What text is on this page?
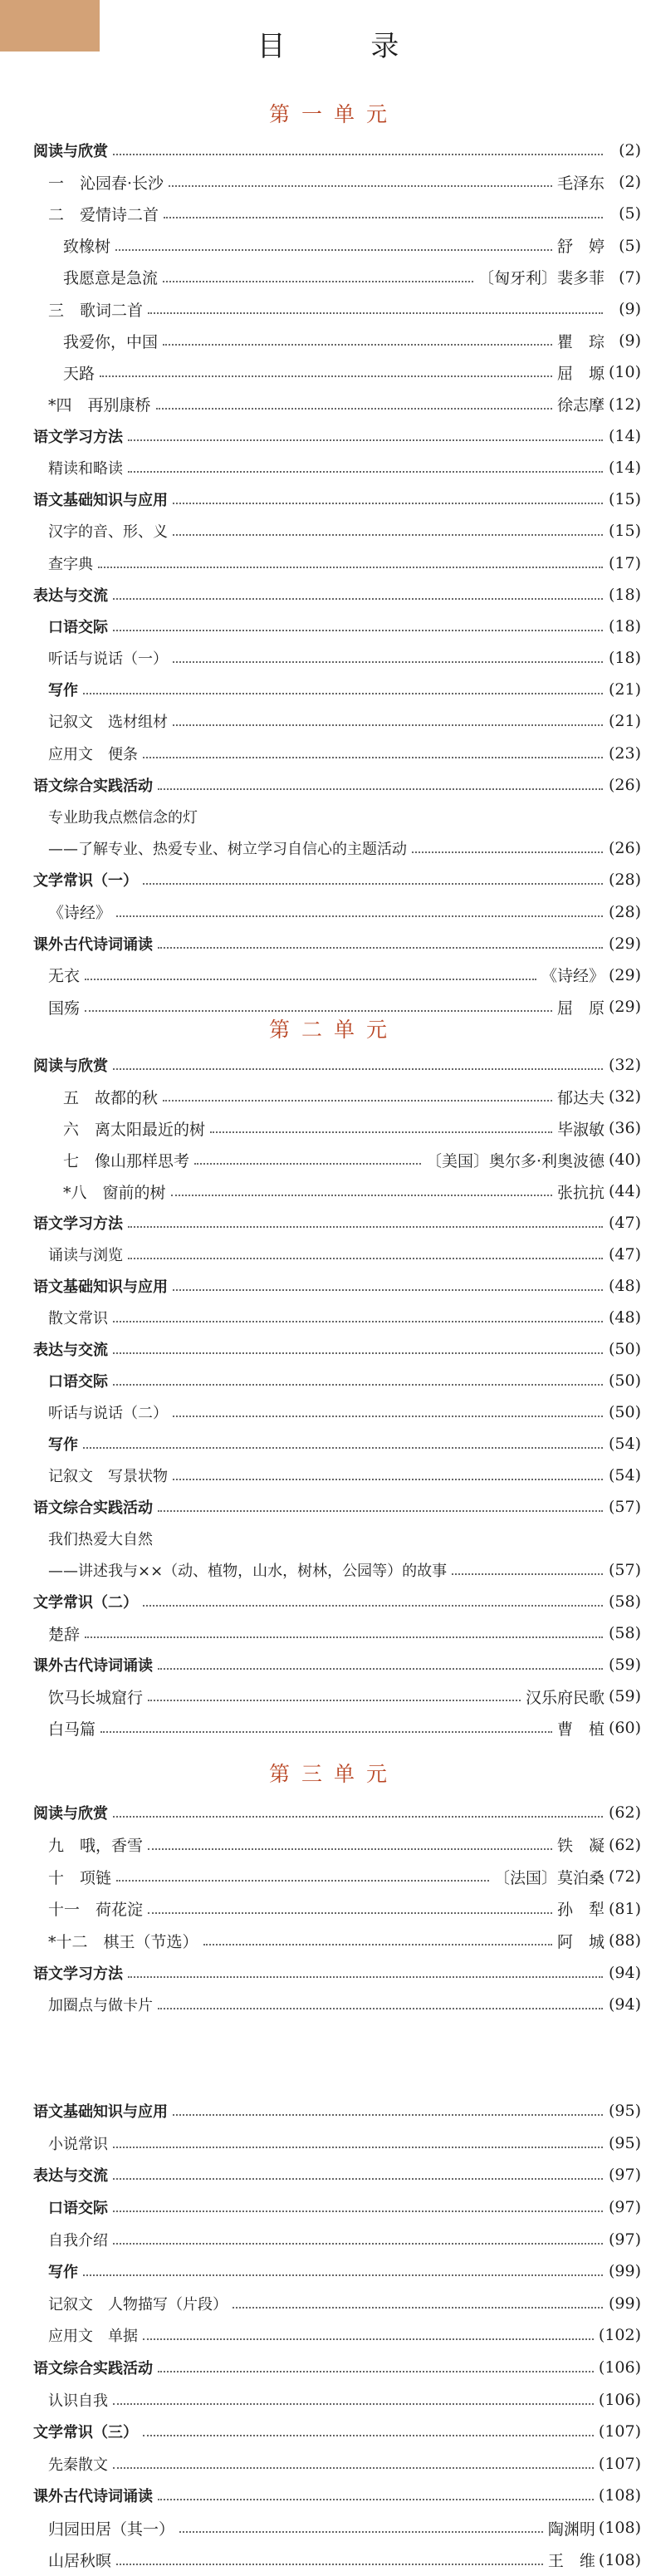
目 录
阅读与欣赏	(2)
一　沁园春·长沙	毛泽东 (2)
二　爱情诗二首	(5)
致橡树	舒　婷 (5)
我愿意是急流	〔匈牙利〕裴多菲 (7)
三　歌词二首	(9)
我爱你，中国	瞿　琮 (9)
天路	屈　塬 (10)
*四　再别康桥	徐志摩 (12)
语文学习方法	(14)
精读和略读	(14)
语文基础知识与应用	(15)
汉字的音、形、义	(15)
查字典	(17)
表达与交流	(18)
口语交际	(18)
听话与说话（一）	(18)
写作	(21)
记叙文　选材组材	(21)
应用文　便条	(23)
语文综合实践活动	(26)
专业助我点燃信念的灯
——了解专业、热爱专业、树立学习自信心的主题活动	(26)
文学常识（一）	(28)
《诗经》	(28)
课外古代诗词诵读	(29)
无衣	《诗经》 (29)
国殇	屈　原 (29)
阅读与欣赏	(32)
五　故都的秋	郁达夫 (32)
六　离太阳最近的树	毕淑敏 (36)
七　像山那样思考	〔美国〕奥尔多·利奥波德 (40)
*八　窗前的树	张抗抗 (44)
语文学习方法	(47)
诵读与浏览	(47)
语文基础知识与应用	(48)
散文常识	(48)
表达与交流	(50)
口语交际	(50)
听话与说话（二）	(50)
写作	(54)
记叙文　写景状物	(54)
语文综合实践活动	(57)
我们热爱大自然
——讲述我与××（动、植物，山水，树林，公园等）的故事	(57)
文学常识（二）	(58)
楚辞	(58)
课外古代诗词诵读	(59)
饮马长城窟行	汉乐府民歌 (59)
白马篇	曹　植 (60)
阅读与欣赏	(62)
九　哦，香雪	铁　凝 (62)
十　项链	〔法国〕莫泊桑 (72)
十一　荷花淀	孙　犁 (81)
*十二　棋王（节选）	阿　城 (88)
语文学习方法	(94)
加圈点与做卡片	(94)
语文基础知识与应用	(95)
小说常识	(95)
表达与交流	(97)
口语交际	(97)
自我介绍	(97)
写作	(99)
记叙文　人物描写（片段）	(99)
应用文　单据	(102)
语文综合实践活动	(106)
认识自我	(106)
文学常识（三）	(107)
先秦散文	(107)
课外古代诗词诵读	(108)
归园田居（其一）	陶渊明 (108)
山居秋暝	王　维 (108)
第一单元
第二单元
第三单元
